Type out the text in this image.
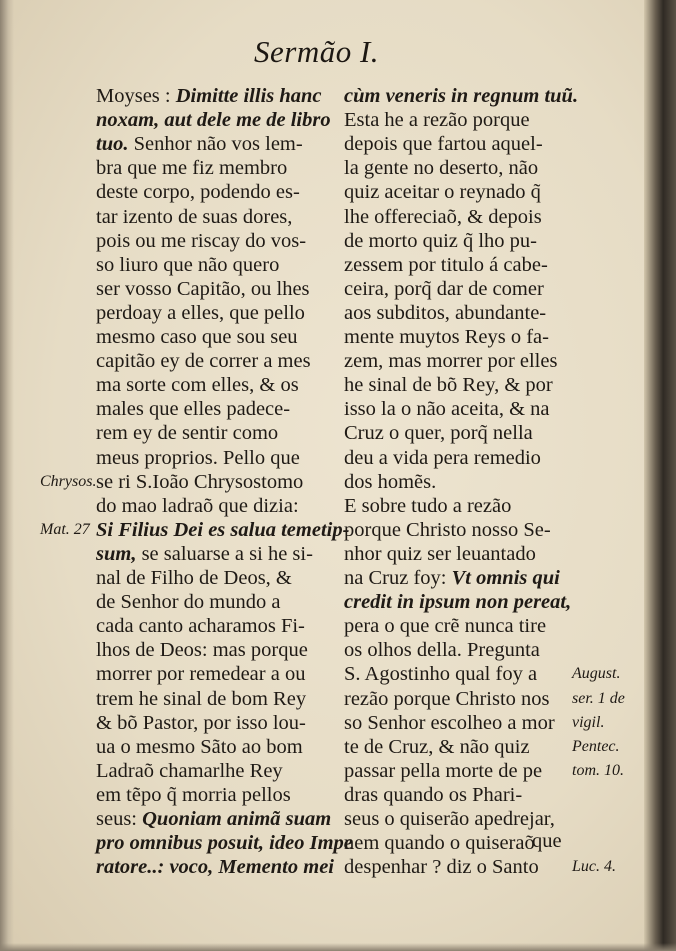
Sermão I.
Moyses : Dimitte illis hanc
noxam, aut dele me de libro
tuo. Senhor não vos lem-
bra que me fiz membro
deste corpo, podendo es-
tar izento de suas dores,
pois ou me riscay do vos-
so liuro que não quero
ser vosso Capitão, ou lhes
perdoay a elles, que pello
mesmo caso que sou seu
capitão ey de correr a mes
ma sorte com elles, & os
males que elles padece-
rem ey de sentir como
meus proprios. Pello que
se ri S.Ioão Chrysostomo
do mao ladraõ que dizia:
Si Filius Dei es salua temetip-
sum, se saluarse a si he si-
nal de Filho de Deos, &
de Senhor do mundo a
cada canto acharamos Fi-
lhos de Deos: mas porque
morrer por remedear a ou
trem he sinal de bom Rey
& bõ Pastor, por isso lou-
ua o mesmo Sãto ao bom
Ladraõ chamarlhe Rey
em tẽpo q̃ morria pellos
seus: Quoniam animã suam
pro omnibus posuit, ideo Impe
ratore..: voco, Memento mei
cùm veneris in regnum tuũ.
Esta he a rezão porque
depois que fartou aquel-
la gente no deserto, não
quiz aceitar o reynado q̃
lhe offereciaõ, & depois
de morto quiz q̃ lho pu-
zessem por titulo á cabe-
ceira, porq̃ dar de comer
aos subditos, abundante-
mente muytos Reys o fa-
zem, mas morrer por elles
he sinal de bõ Rey, & por
isso la o não aceita, & na
Cruz o quer, porq̃ nella
deu a vida pera remedio
dos homẽs.
E sobre tudo a rezão
porque Christo nosso Se-
nhor quiz ser leuantado
na Cruz foy: Vt omnis qui
credit in ipsum non pereat,
pera o que crẽ nunca tire
os olhos della. Pregunta
S. Agostinho qual foy a
rezão porque Christo nos
so Senhor escolheo a mor
te de Cruz, & não quiz
passar pella morte de pe
dras quando os Phari-
seus o quiserão apedrejar,
nem quando o quiseraõ
despenhar ? diz o Santo
que
Chrysos.
Mat. 27
August.
ser. 1 de
vigil.
Pentec.
tom. 10.
Luc. 4.
